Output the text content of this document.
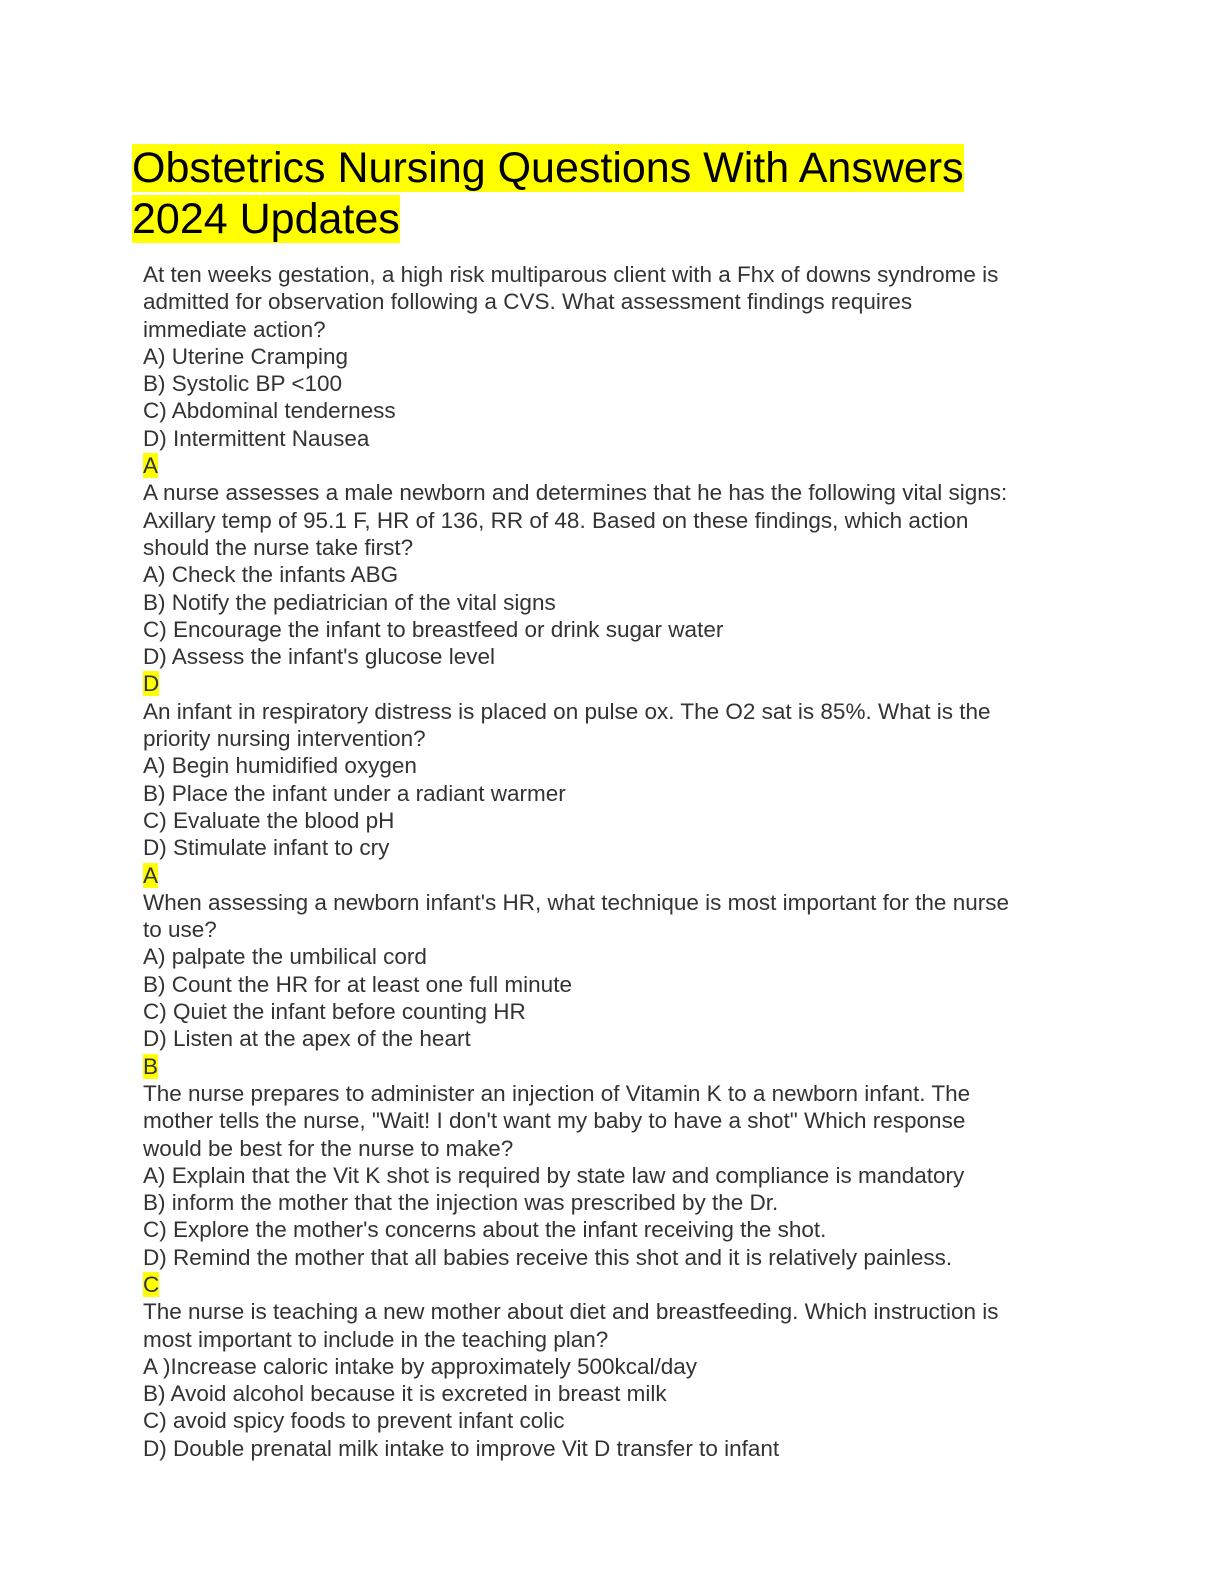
Obstetrics Nursing Questions With Answers
2024 Updates
At ten weeks gestation, a high risk multiparous client with a Fhx of downs syndrome is
admitted for observation following a CVS. What assessment findings requires
immediate action?
A) Uterine Cramping
B) Systolic BP <100
C) Abdominal tenderness
D) Intermittent Nausea
A
A nurse assesses a male newborn and determines that he has the following vital signs:
Axillary temp of 95.1 F, HR of 136, RR of 48. Based on these findings, which action
should the nurse take first?
A) Check the infants ABG
B) Notify the pediatrician of the vital signs
C) Encourage the infant to breastfeed or drink sugar water
D) Assess the infant's glucose level
D
An infant in respiratory distress is placed on pulse ox. The O2 sat is 85%. What is the
priority nursing intervention?
A) Begin humidified oxygen
B) Place the infant under a radiant warmer
C) Evaluate the blood pH
D) Stimulate infant to cry
A
When assessing a newborn infant's HR, what technique is most important for the nurse
to use?
A) palpate the umbilical cord
B) Count the HR for at least one full minute
C) Quiet the infant before counting HR
D) Listen at the apex of the heart
B
The nurse prepares to administer an injection of Vitamin K to a newborn infant. The
mother tells the nurse, "Wait! I don't want my baby to have a shot" Which response
would be best for the nurse to make?
A) Explain that the Vit K shot is required by state law and compliance is mandatory
B) inform the mother that the injection was prescribed by the Dr.
C) Explore the mother's concerns about the infant receiving the shot.
D) Remind the mother that all babies receive this shot and it is relatively painless.
C
The nurse is teaching a new mother about diet and breastfeeding. Which instruction is
most important to include in the teaching plan?
A )Increase caloric intake by approximately 500kcal/day
B) Avoid alcohol because it is excreted in breast milk
C) avoid spicy foods to prevent infant colic
D) Double prenatal milk intake to improve Vit D transfer to infant
